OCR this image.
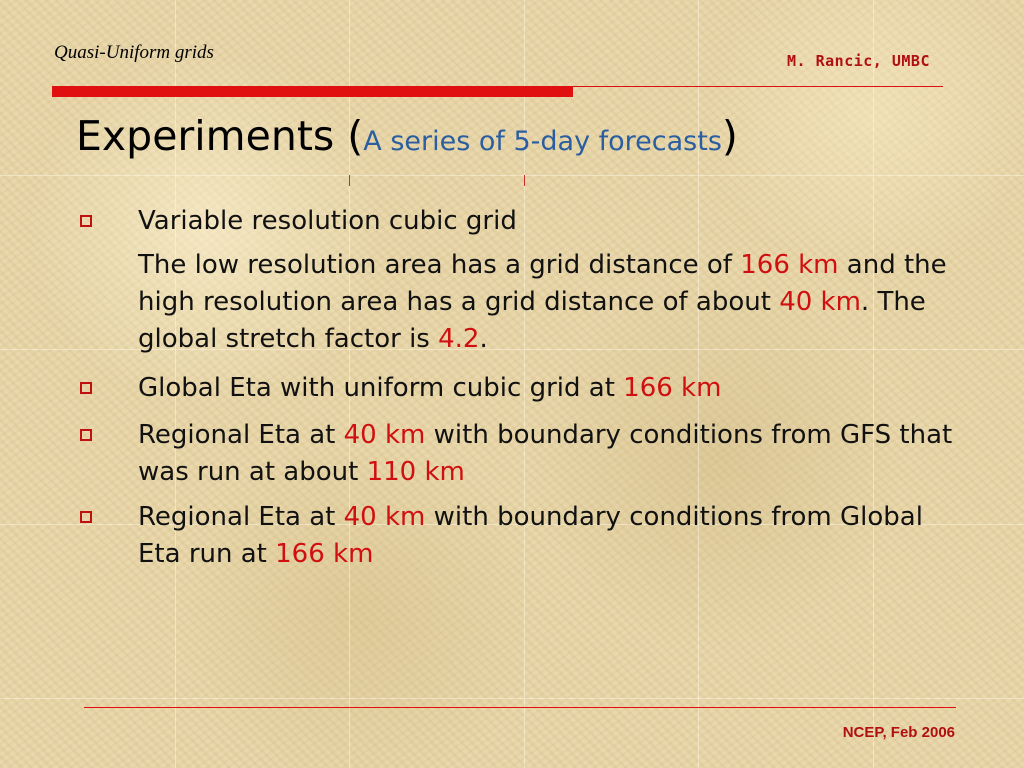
Quasi-Uniform grids	M. Rancic, UMBC
Experiments (A series of 5-day forecasts)
Variable resolution cubic grid
The low resolution area has a grid distance of 166 km and the high resolution area has a grid distance of about 40 km. The global stretch factor is 4.2.
Global Eta with uniform cubic grid at 166 km
Regional Eta at 40 km with boundary conditions from GFS that was run at about 110 km
Regional Eta at 40 km with boundary conditions from Global Eta run at 166 km
NCEP, Feb 2006
